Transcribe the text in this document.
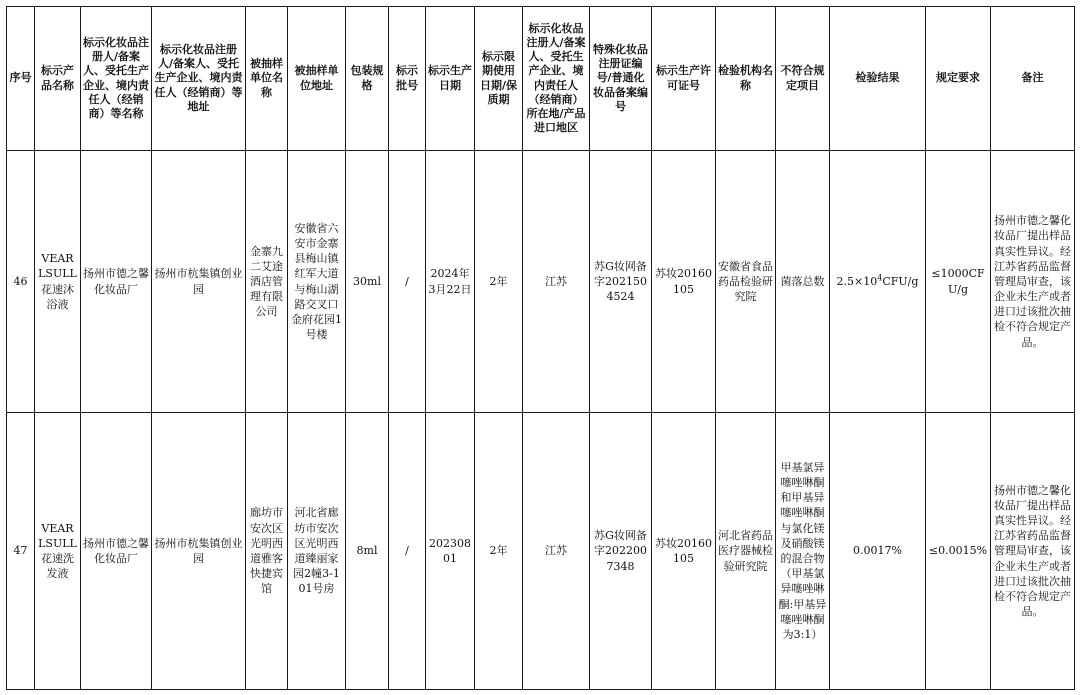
序号	标示产品名称	标示化妆品注册人/备案人、受托生产企业、境内责任人（经销商）等名称	标示化妆品注册人/备案人、受托生产企业、境内责任人（经销商）等地址	被抽样单位名称	被抽样单位地址	包装规格	标示批号	标示生产日期	标示限期使用日期/保质期	标示化妆品注册人/备案人、受托生产企业、境内责任人（经销商）所在地/产品进口地区	特殊化妆品注册证编号/普通化妆品备案编号	标示生产许可证号	检验机构名称	不符合规定项目	检验结果	规定要求	备注
46	VEAR LSULL 花速沐浴液	扬州市德之馨化妆品厂	扬州市杭集镇创业园	金寨九二艾途酒店管理有限公司	安徽省六安市金寨县梅山镇红军大道与梅山湖路交叉口金府花园1号楼	30ml	/	2024年3月22日	2年	江苏	苏G妆网备字2021504524	苏妆20160105	安徽省食品药品检验研究院	菌落总数	$2.5\times 10^4CFU/g$	≤1000CFU/g	扬州市德之馨化妆品厂提出样品真实性异议。经江苏省药品监督管理局审查，该企业未生产或者进口过该批次抽检不符合规定产品。
47	VEAR LSULL 花速洗发液	扬州市德之馨化妆品厂	扬州市杭集镇创业园	廊坊市安次区光明西道雅客快捷宾馆	河北省廊坊市安次区光明西道臻丽家园2幢3-101号房	8ml	/	20230801	2年	江苏	苏G妆网备字2022007348	苏妆20160105	河北省药品医疗器械检验研究院	甲基氯异噻唑啉酮和甲基异噻唑啉酮与氯化镁及硝酸镁的混合物（甲基氯异噻唑啉酮:甲基异噻唑啉酮为3:1）	0.0017%	≤0.0015%	扬州市德之馨化妆品厂提出样品真实性异议。经江苏省药品监督管理局审查，该企业未生产或者进口过该批次抽检不符合规定产品。
